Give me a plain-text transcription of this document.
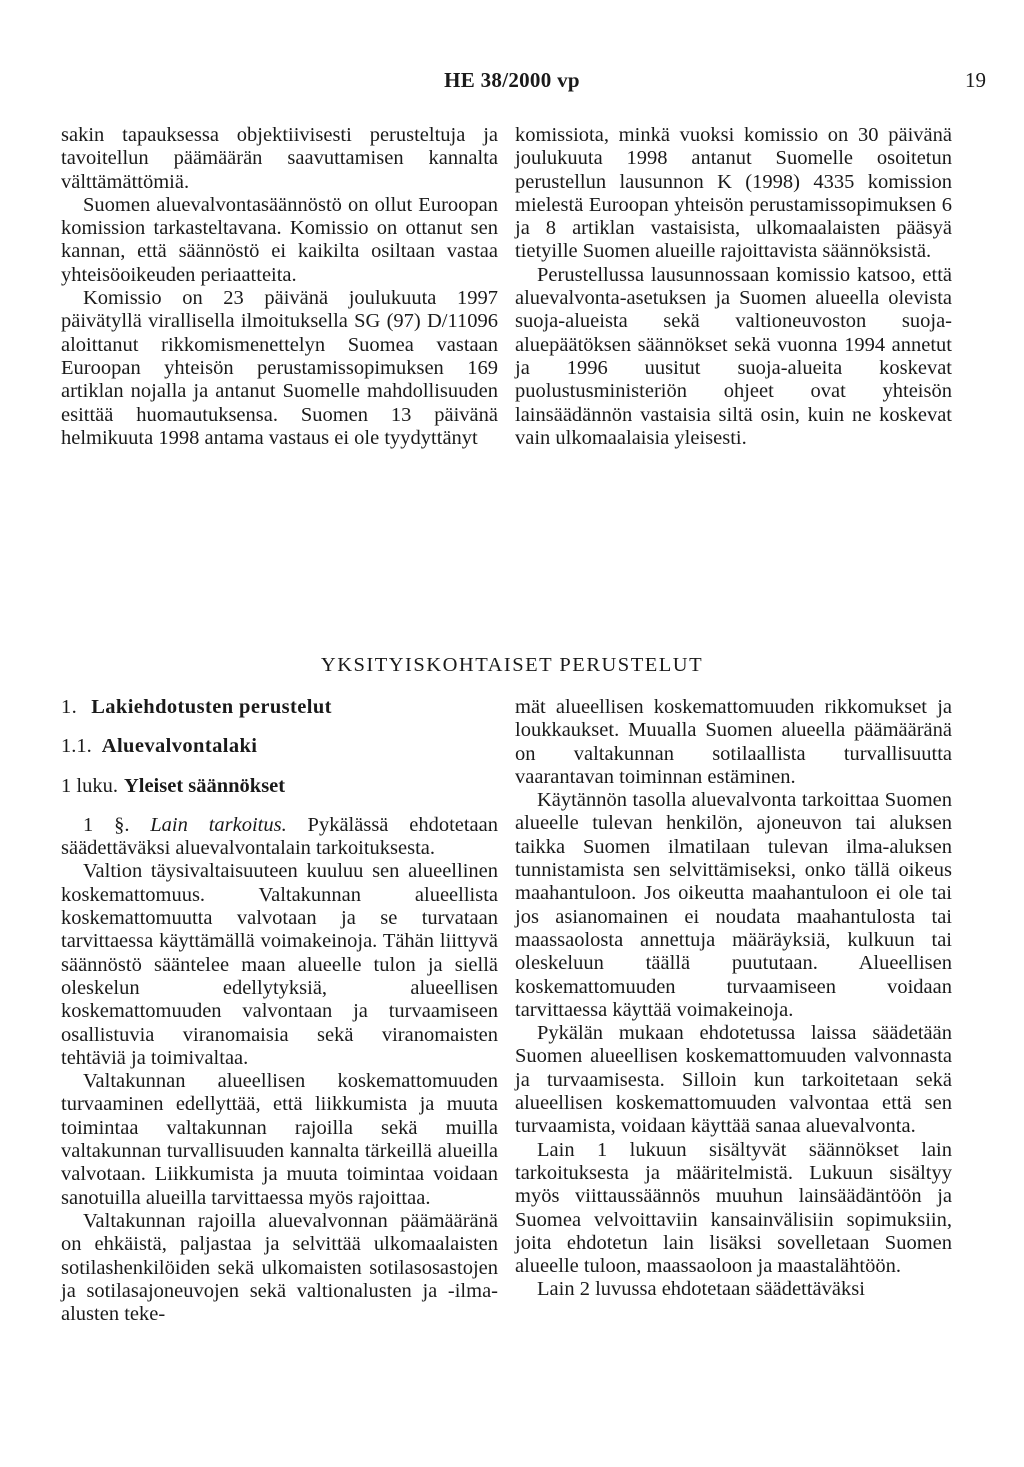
HE 38/2000 vp	19

sakin tapauksessa objektiivisesti perusteltuja ja tavoitellun päämäärän saavuttamisen kannalta välttämättömiä.

Suomen aluevalvontasäännöstö on ollut Euroopan komission tarkasteltavana. Komissio on ottanut sen kannan, että säännöstö ei kaikilta osiltaan vastaa yhteisöoikeuden periaatteita.

Komissio on 23 päivänä joulukuuta 1997 päivätyllä virallisella ilmoituksella SG (97) D/11096 aloittanut rikkomismenettelyn Suomea vastaan Euroopan yhteisön perustamissopimuksen 169 artiklan nojalla ja antanut Suomelle mahdollisuuden esittää huomautuksensa. Suomen 13 päivänä helmikuuta 1998 antama vastaus ei ole tyydyttänyt

komissiota, minkä vuoksi komissio on 30 päivänä joulukuuta 1998 antanut Suomelle osoitetun perustellun lausunnon K (1998) 4335 komission mielestä Euroopan yhteisön perustamissopimuksen 6 ja 8 artiklan vastaisista, ulkomaalaisten pääsyä tietyille Suomen alueille rajoittavista säännöksistä.

Perustellussa lausunnossaan komissio katsoo, että aluevalvonta-asetuksen ja Suomen alueella olevista suoja-alueista sekä valtioneuvoston suoja-aluepäätöksen säännökset sekä vuonna 1994 annetut ja 1996 uusitut suoja-alueita koskevat puolustusministeriön ohjeet ovat yhteisön lainsäädännön vastaisia siltä osin, kuin ne koskevat vain ulkomaalaisia yleisesti.

YKSITYISKOHTAISET PERUSTELUT
1. Lakiehdotusten perustelut
1.1. Aluevalvontalaki
1 luku. Yleiset säännökset

1 §. Lain tarkoitus. Pykälässä ehdotetaan säädettäväksi aluevalvontalain tarkoituksesta.

Valtion täysivaltaisuuteen kuuluu sen alueellinen koskemattomuus. Valtakunnan alueellista koskemattomuutta valvotaan ja se turvataan tarvittaessa käyttämällä voimakeinoja. Tähän liittyvä säännöstö sääntelee maan alueelle tulon ja siellä oleskelun edellytyksiä, alueellisen koskemattomuuden valvontaan ja turvaamiseen osallistuvia viranomaisia sekä viranomaisten tehtäviä ja toimivaltaa.

Valtakunnan alueellisen koskemattomuuden turvaaminen edellyttää, että liikkumista ja muuta toimintaa valtakunnan rajoilla sekä muilla valtakunnan turvallisuuden kannalta tärkeillä alueilla valvotaan. Liikkumista ja muuta toimintaa voidaan sanotuilla alueilla tarvittaessa myös rajoittaa.

Valtakunnan rajoilla aluevalvonnan päämääränä on ehkäistä, paljastaa ja selvittää ulkomaalaisten sotilashenkilöiden sekä ulkomaisten sotilasosastojen ja sotilasajoneuvojen sekä valtionalusten ja -ilma-alusten teke-

mät alueellisen koskemattomuuden rikkomukset ja loukkaukset. Muualla Suomen alueella päämääränä on valtakunnan sotilaallista turvallisuutta vaarantavan toiminnan estäminen.

Käytännön tasolla aluevalvonta tarkoittaa Suomen alueelle tulevan henkilön, ajoneuvon tai aluksen taikka Suomen ilmatilaan tulevan ilma-aluksen tunnistamista sen selvittämiseksi, onko tällä oikeus maahantuloon. Jos oikeutta maahantuloon ei ole tai jos asianomainen ei noudata maahantulosta tai maassaolosta annettuja määräyksiä, kulkuun tai oleskeluun täällä puututaan. Alueellisen koskemattomuuden turvaamiseen voidaan tarvittaessa käyttää voimakeinoja.

Pykälän mukaan ehdotetussa laissa säädetään Suomen alueellisen koskemattomuuden valvonnasta ja turvaamisesta. Silloin kun tarkoitetaan sekä alueellisen koskemattomuuden valvontaa että sen turvaamista, voidaan käyttää sanaa aluevalvonta.

Lain 1 lukuun sisältyvät säännökset lain tarkoituksesta ja määritelmistä. Lukuun sisältyy myös viittaussäännös muuhun lainsäädäntöön ja Suomea velvoittaviin kansainvälisiin sopimuksiin, joita ehdotetun lain lisäksi sovelletaan Suomen alueelle tuloon, maassaoloon ja maastalähtöön.

Lain 2 luvussa ehdotetaan säädettäväksi
